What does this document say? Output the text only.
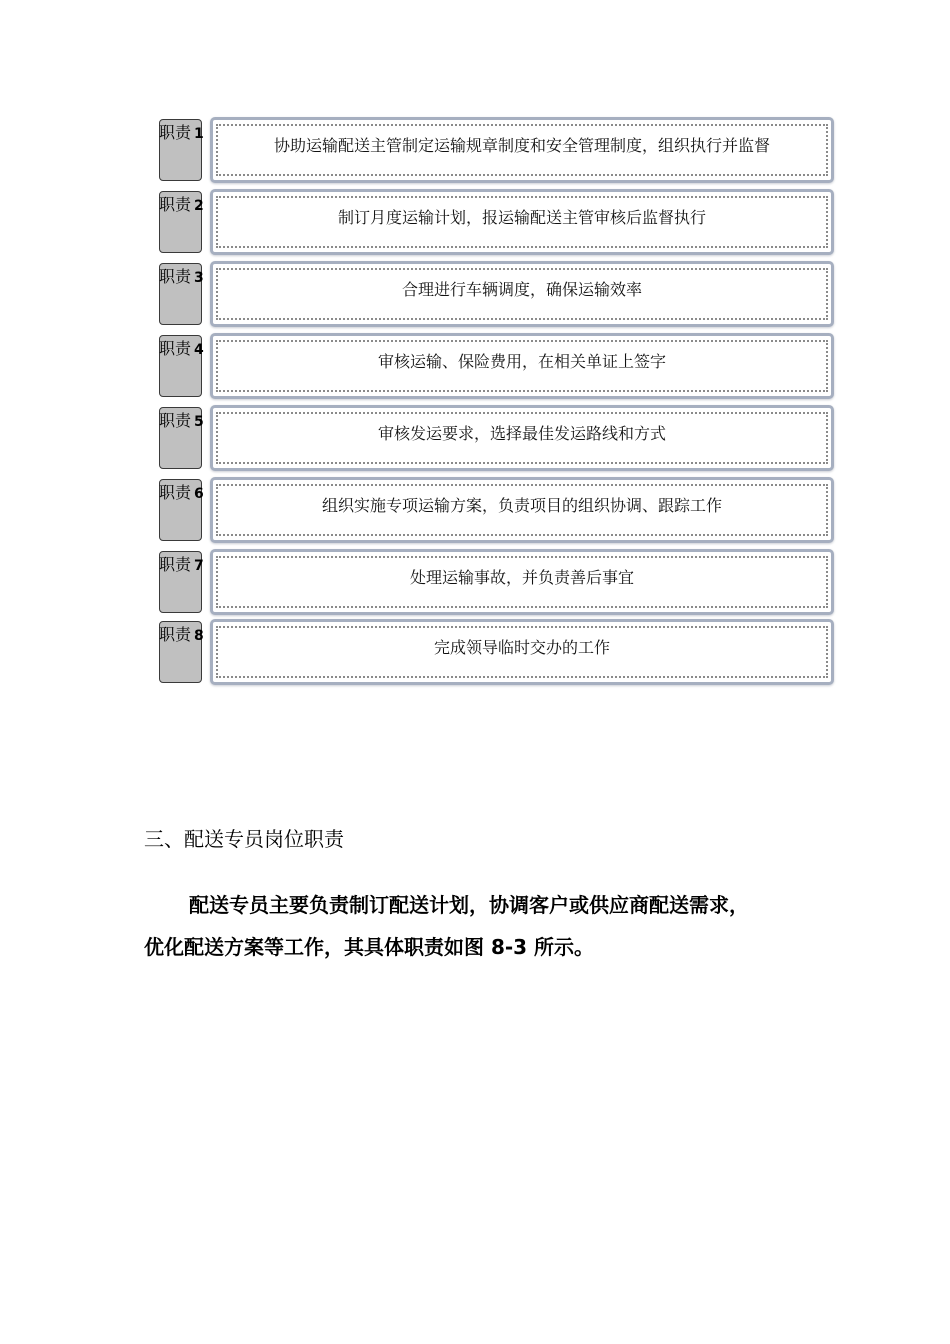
职责 1
协助运输配送主管制定运输规章制度和安全管理制度，组织执行并监督
职责 2
制订月度运输计划，报运输配送主管审核后监督执行
职责 3
合理进行车辆调度，确保运输效率
职责 4
审核运输、保险费用，在相关单证上签字
职责 5
审核发运要求，选择最佳发运路线和方式
职责 6
组织实施专项运输方案，负责项目的组织协调、跟踪工作
职责 7
处理运输事故，并负责善后事宜
职责 8
完成领导临时交办的工作
三、配送专员岗位职责

配送专员主要负责制订配送计划，协调客户或供应商配送需求，
优化配送方案等工作，其具体职责如图 8-3 所示。
